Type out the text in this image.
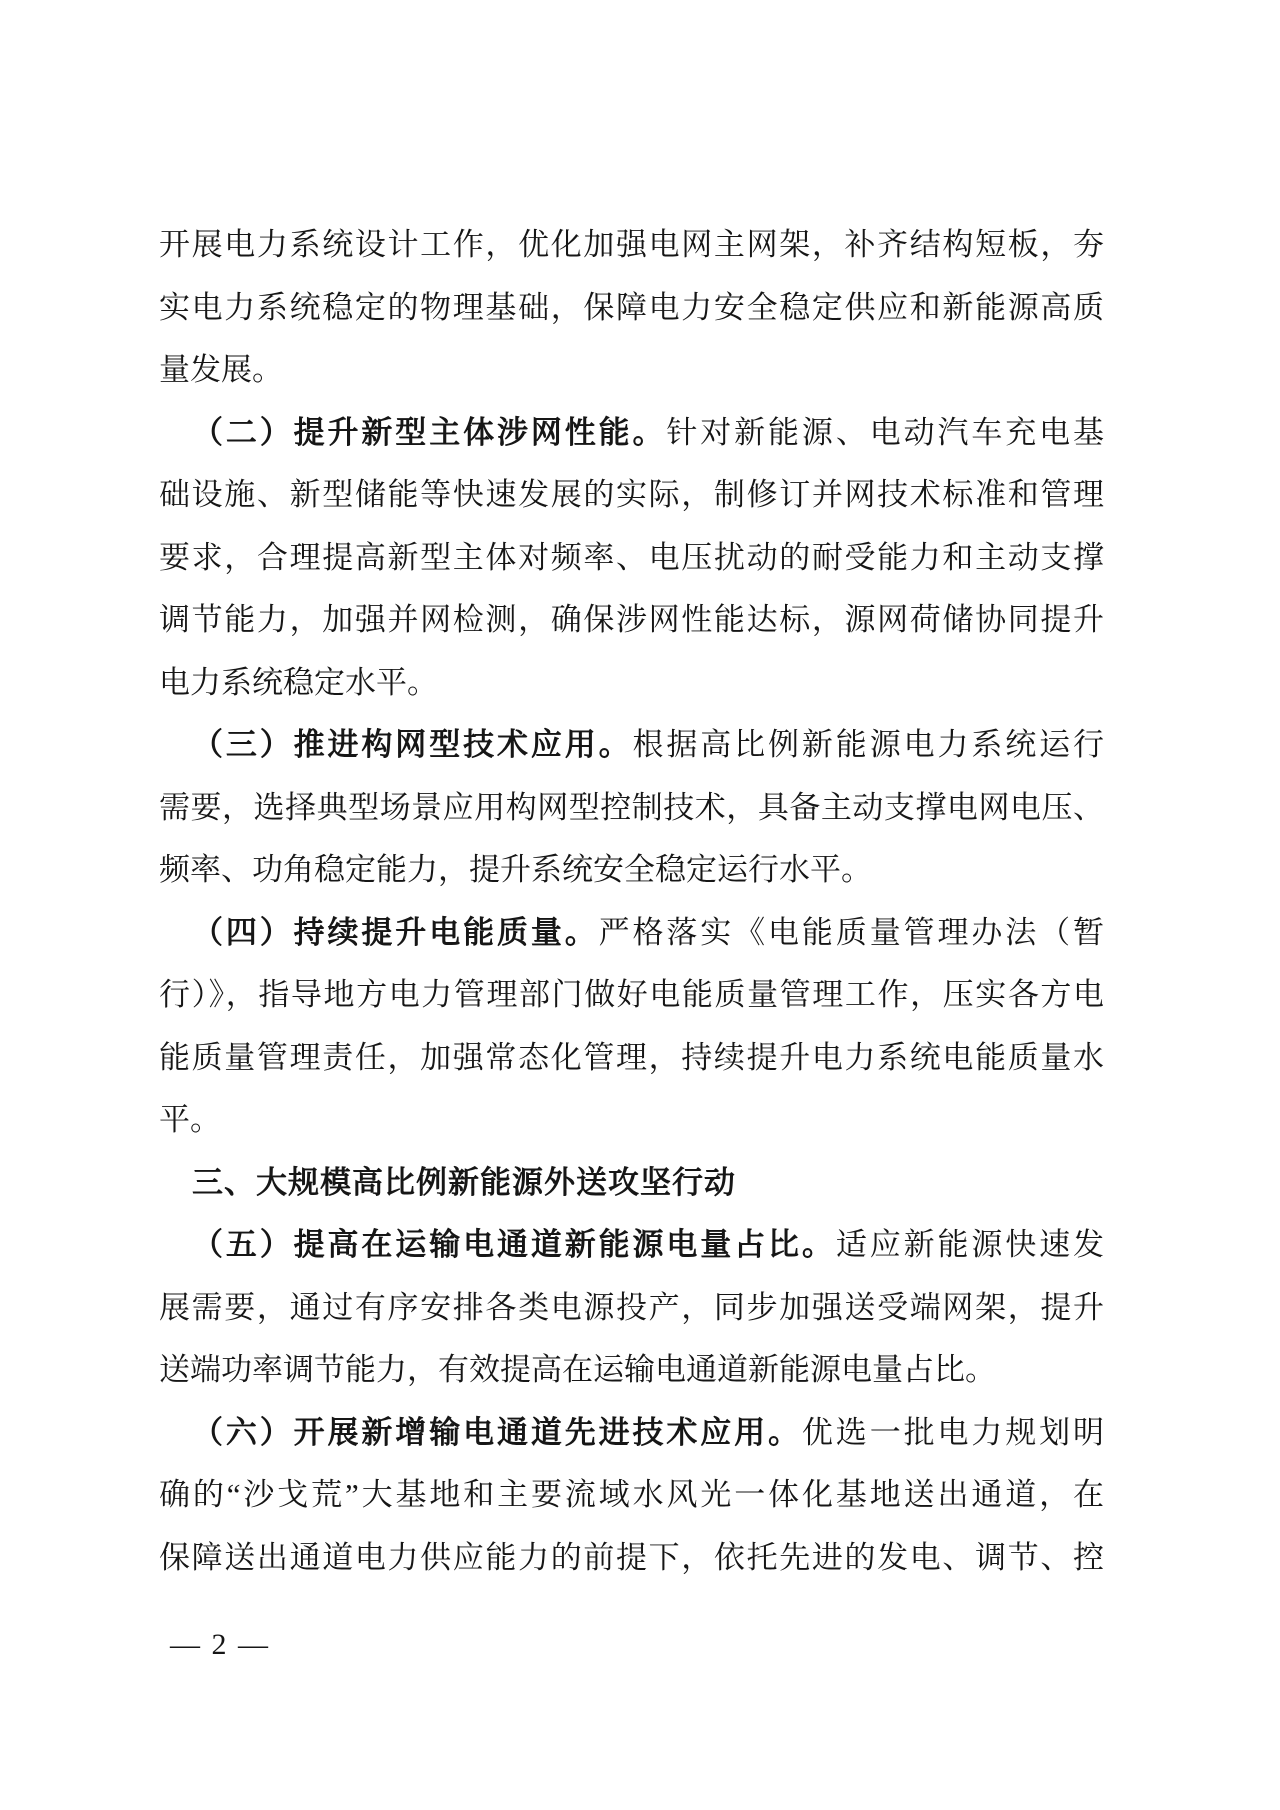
开展电力系统设计工作，优化加强电网主网架，补齐结构短板，夯
实电力系统稳定的物理基础，保障电力安全稳定供应和新能源高质
量发展。
（二）提升新型主体涉网性能。针对新能源、电动汽车充电基
础设施、新型储能等快速发展的实际，制修订并网技术标准和管理
要求，合理提高新型主体对频率、电压扰动的耐受能力和主动支撑
调节能力，加强并网检测，确保涉网性能达标，源网荷储协同提升
电力系统稳定水平。
（三）推进构网型技术应用。根据高比例新能源电力系统运行
需要，选择典型场景应用构网型控制技术，具备主动支撑电网电压、
频率、功角稳定能力，提升系统安全稳定运行水平。
（四）持续提升电能质量。严格落实《电能质量管理办法（暂
行）》，指导地方电力管理部门做好电能质量管理工作，压实各方电
能质量管理责任，加强常态化管理，持续提升电力系统电能质量水
平。
三、大规模高比例新能源外送攻坚行动
（五）提高在运输电通道新能源电量占比。适应新能源快速发
展需要，通过有序安排各类电源投产，同步加强送受端网架，提升
送端功率调节能力，有效提高在运输电通道新能源电量占比。
（六）开展新增输电通道先进技术应用。优选一批电力规划明
确的“沙戈荒”大基地和主要流域水风光一体化基地送出通道，在
保障送出通道电力供应能力的前提下，依托先进的发电、调节、控
— 2 —
